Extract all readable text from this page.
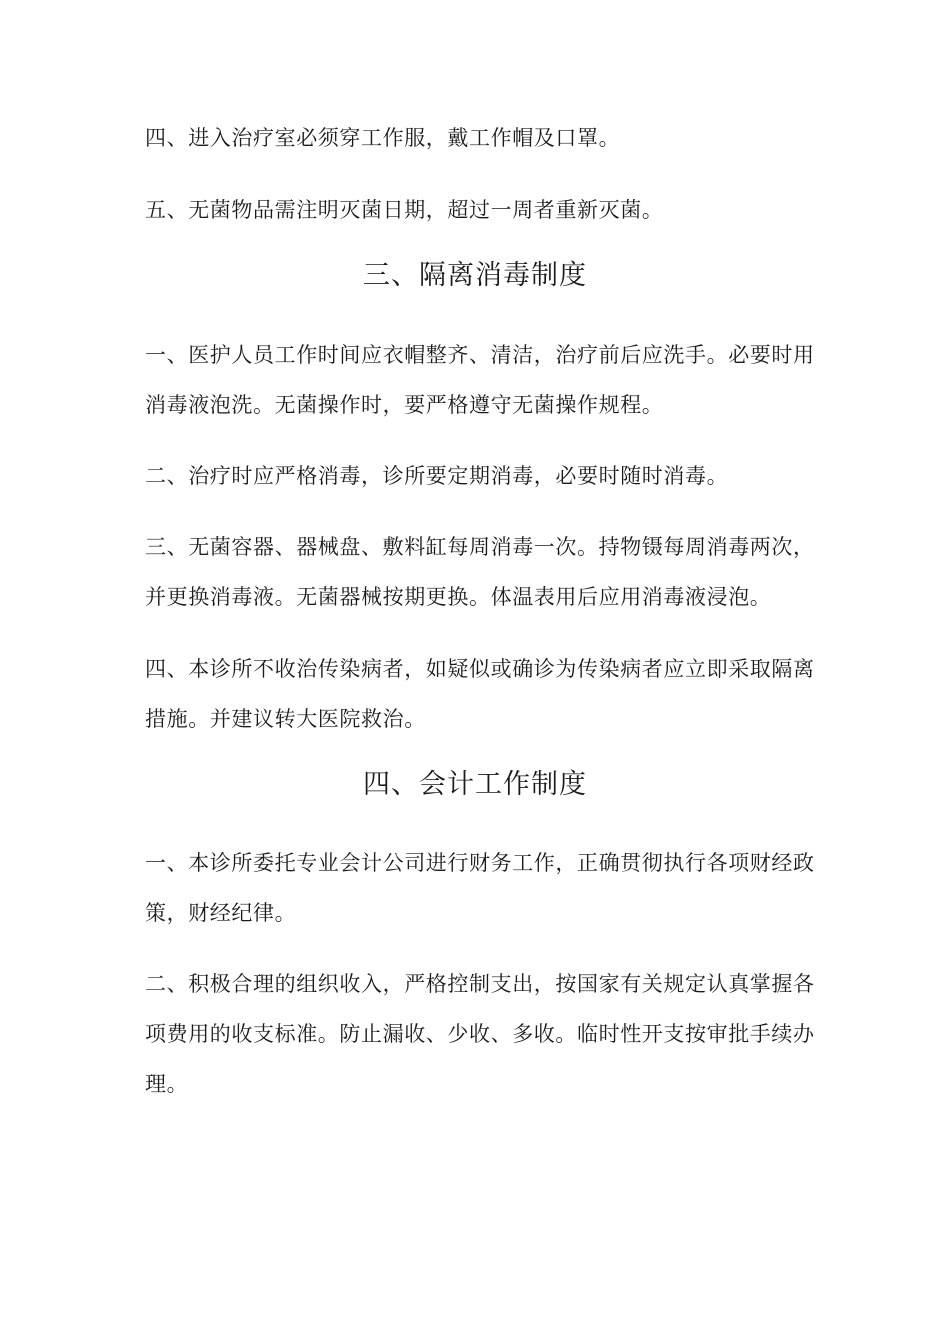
四、进入治疗室必须穿工作服，戴工作帽及口罩。

五、无菌物品需注明灭菌日期，超过一周者重新灭菌。

三、隔离消毒制度

一、医护人员工作时间应衣帽整齐、清洁，治疗前后应洗手。必要时用
消毒液泡洗。无菌操作时，要严格遵守无菌操作规程。

二、治疗时应严格消毒，诊所要定期消毒，必要时随时消毒。

三、无菌容器、器械盘、敷料缸每周消毒一次。持物镊每周消毒两次，
并更换消毒液。无菌器械按期更换。体温表用后应用消毒液浸泡。

四、本诊所不收治传染病者，如疑似或确诊为传染病者应立即采取隔离
措施。并建议转大医院救治。

四、会计工作制度

一、本诊所委托专业会计公司进行财务工作，正确贯彻执行各项财经政
策，财经纪律。

二、积极合理的组织收入，严格控制支出，按国家有关规定认真掌握各
项费用的收支标准。防止漏收、少收、多收。临时性开支按审批手续办
理。
